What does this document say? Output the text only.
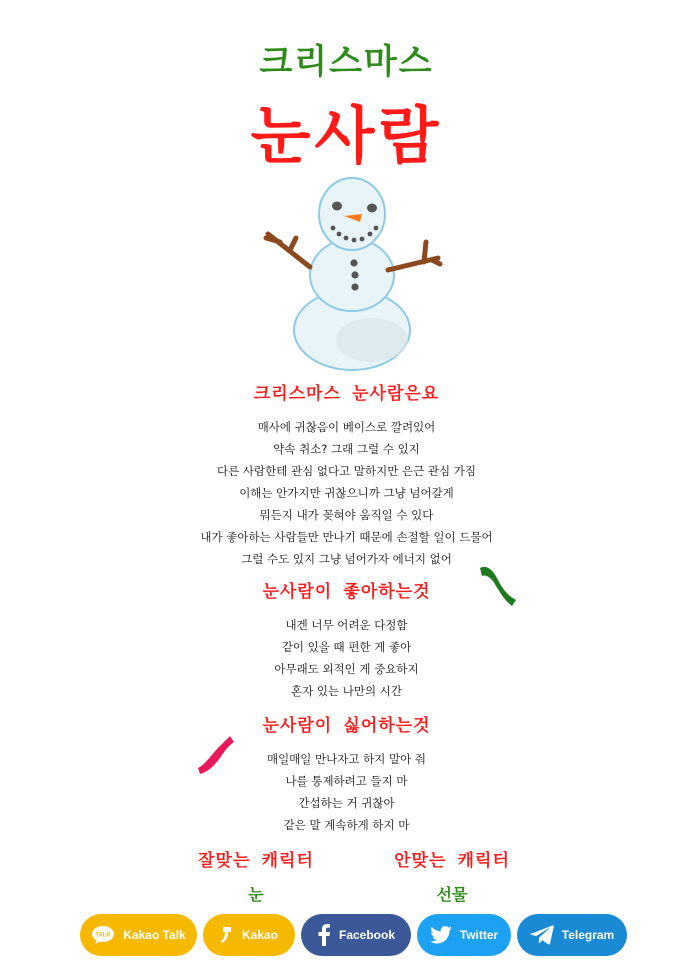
크리스마스
눈사람
크리스마스 눈사람은요
매사에 귀찮음이 베이스로 깔려있어
약속 취소? 그래 그럴 수 있지
다른 사람한테 관심 없다고 말하지만 은근 관심 가짐
이해는 안가지만 귀찮으니까 그냥 넘어갈게
뭐든지 내가 꽂혀야 움직일 수 있다
내가 좋아하는 사람들만 만나기 때문에 손절할 일이 드물어
그럴 수도 있지 그냥 넘어가자 에너지 없어
눈사람이 좋아하는것
내겐 너무 어려운 다정함
같이 있을 때 편한 게 좋아
아무래도 외적인 게 중요하지
혼자 있는 나만의 시간
눈사람이 싫어하는것
매일매일 만나자고 하지 말아 줘
나를 통제하려고 들지 마
간섭하는 거 귀찮아
같은 말 계속하게 하지 마
잘맞는 캐릭터
눈
안맞는 캐릭터
선물
TALK Kakao Talk	Kakao	Facebook	Twitter	Telegram
